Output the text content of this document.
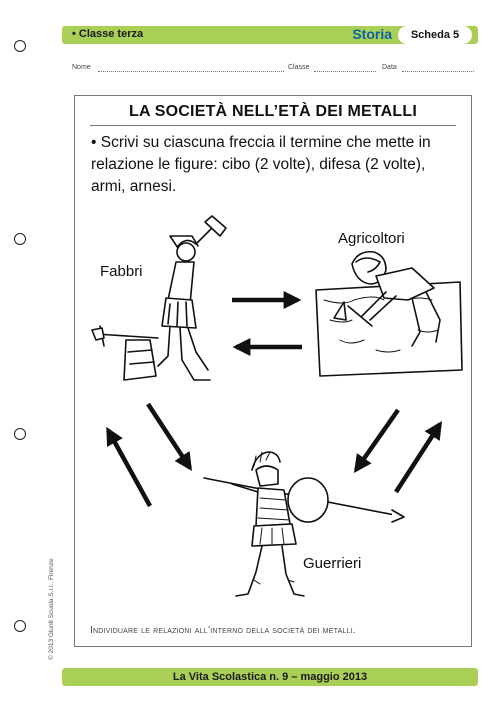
• Classe terza	Storia	Scheda 5
Nome	Classe	Data
LA SOCIETÀ NELL’ETÀ DEI METALLI
• Scrivi su ciascuna freccia il termine che mette in relazione le figure: cibo (2 volte), difesa (2 volte), armi, arnesi.
Fabbri
Agricoltori
Guerrieri
Individuare le relazioni all’interno della società dei metalli.
La Vita Scolastica n. 9 – maggio 2013
© 2013 Giunti Scuola S.r.l., Firenze
